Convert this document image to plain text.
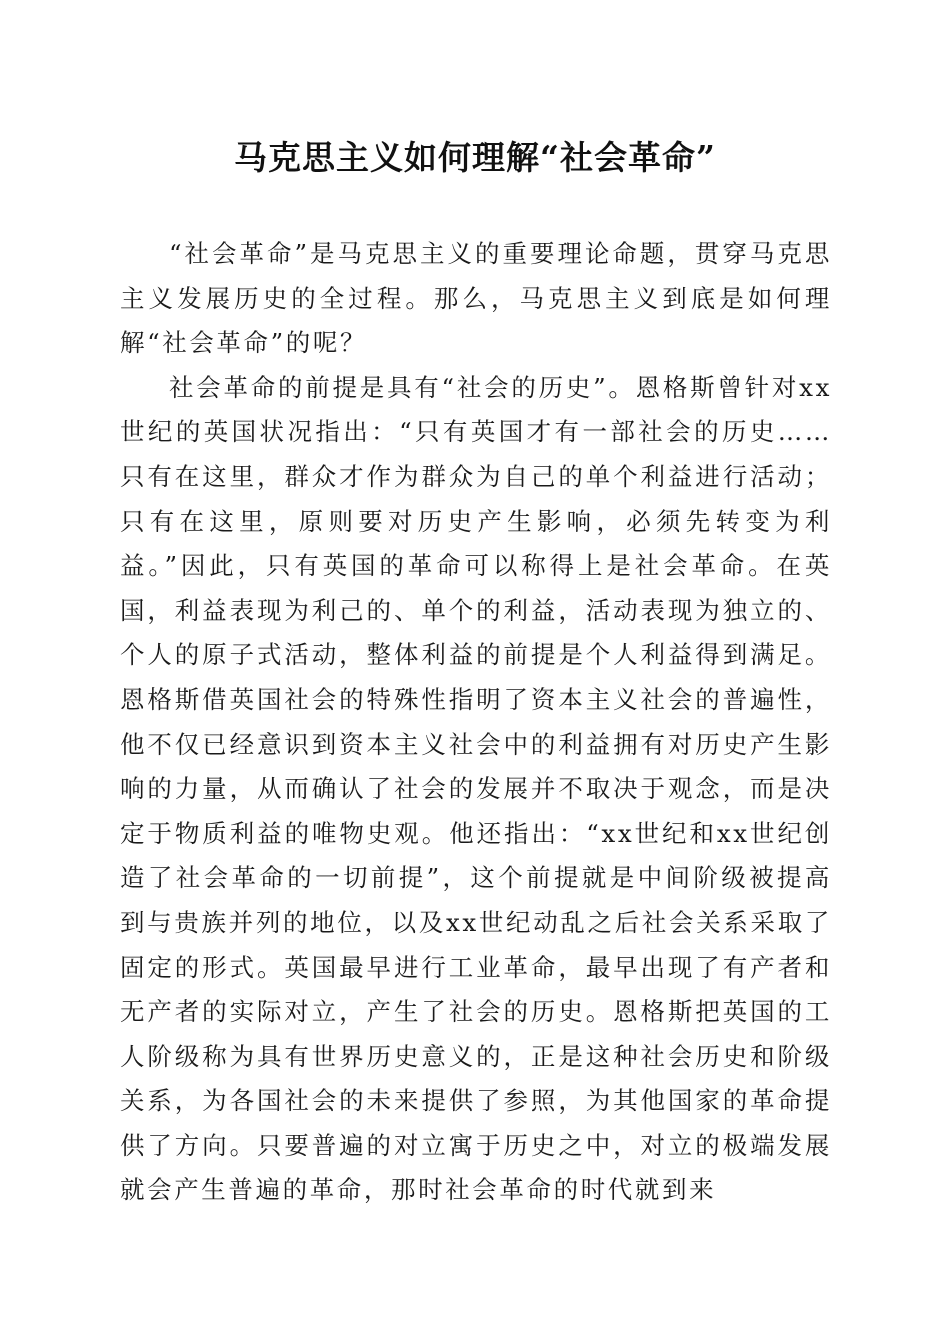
马克思主义如何理解“社会革命”

“社会革命”是马克思主义的重要理论命题，贯穿马克思主义发展历史的全过程。那么，马克思主义到底是如何理解“社会革命”的呢？

社会革命的前提是具有“社会的历史”。恩格斯曾针对xx世纪的英国状况指出：“只有英国才有一部社会的历史……只有在这里，群众才作为群众为自己的单个利益进行活动；只有在这里，原则要对历史产生影响，必须先转变为利益。”因此，只有英国的革命可以称得上是社会革命。在英国，利益表现为利己的、单个的利益，活动表现为独立的、个人的原子式活动，整体利益的前提是个人利益得到满足。恩格斯借英国社会的特殊性指明了资本主义社会的普遍性，他不仅已经意识到资本主义社会中的利益拥有对历史产生影响的力量，从而确认了社会的发展并不取决于观念，而是决定于物质利益的唯物史观。他还指出：“xx世纪和xx世纪创造了社会革命的一切前提”，这个前提就是中间阶级被提高到与贵族并列的地位，以及xx世纪动乱之后社会关系采取了固定的形式。英国最早进行工业革命，最早出现了有产者和无产者的实际对立，产生了社会的历史。恩格斯把英国的工人阶级称为具有世界历史意义的，正是这种社会历史和阶级关系，为各国社会的未来提供了参照，为其他国家的革命提供了方向。只要普遍的对立寓于历史之中，对立的极端发展就会产生普遍的革命，那时社会革命的时代就到来
